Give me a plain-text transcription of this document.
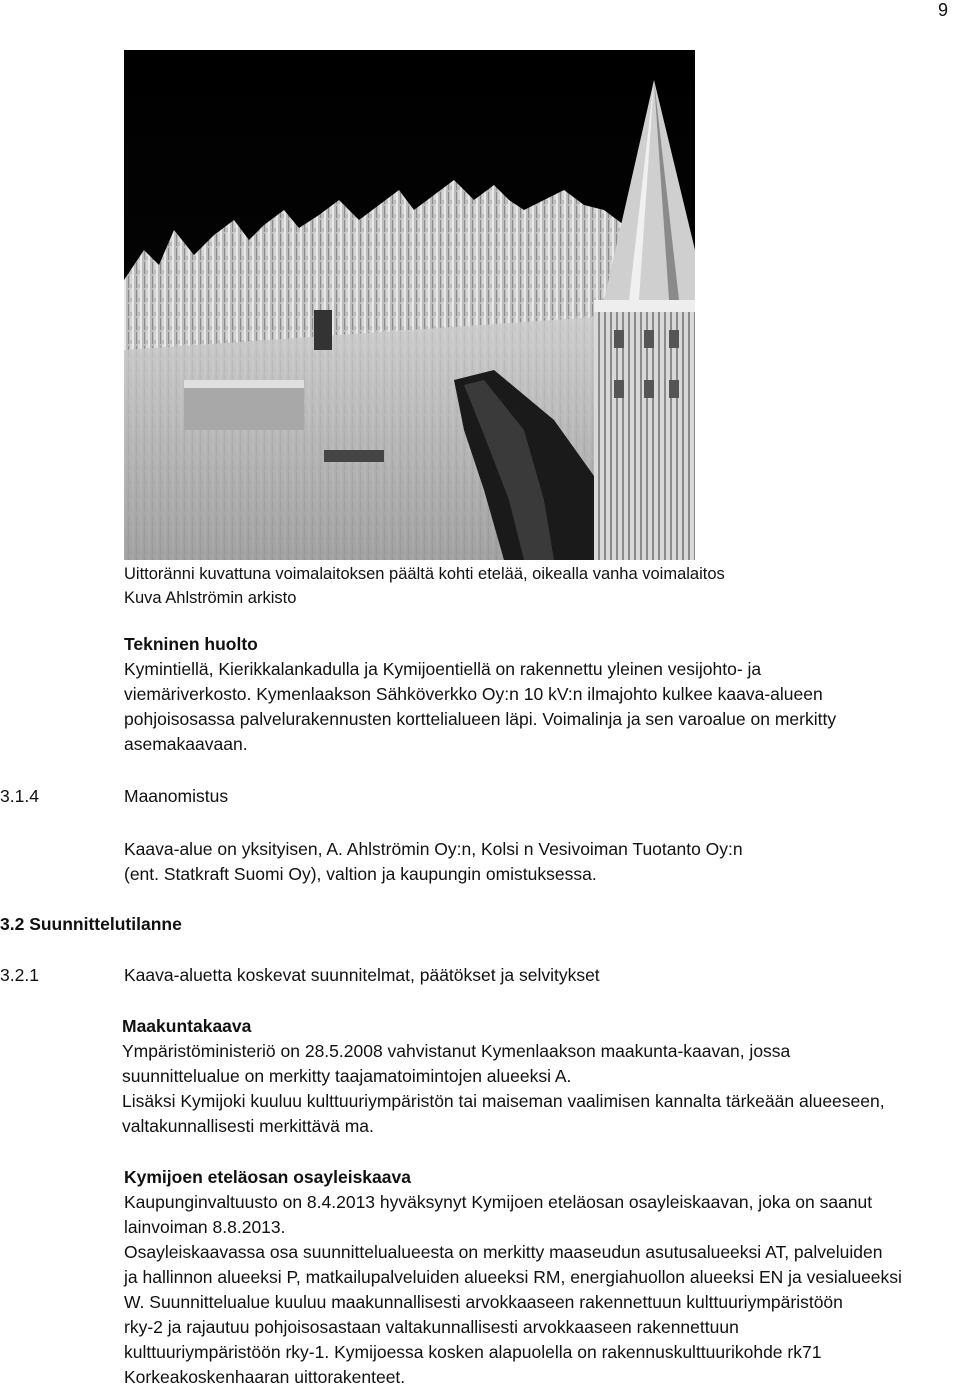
9
Uittoränni kuvattuna voimalaitoksen päältä kohti etelää, oikealla vanha voimalaitos
Kuva Ahlströmin arkisto
Tekninen huolto
Kymintiellä, Kierikkalankadulla ja Kymijoentiellä on rakennettu yleinen vesijohto- ja
viemäriverkosto. Kymenlaakson Sähköverkko Oy:n 10 kV:n ilmajohto kulkee kaava-alueen
pohjoisosassa palvelurakennusten korttelialueen läpi. Voimalinja ja sen varoalue on merkitty
asemakaavaan.
3.1.4	Maanomistus
Kaava-alue on yksityisen, A. Ahlströmin Oy:n, Kolsi n Vesivoiman Tuotanto Oy:n
(ent. Statkraft Suomi Oy), valtion ja kaupungin omistuksessa.
3.2 Suunnittelutilanne
3.2.1	Kaava-aluetta koskevat suunnitelmat, päätökset ja selvitykset
Maakuntakaava
Ympäristöministeriö on 28.5.2008 vahvistanut Kymenlaakson maakunta-kaavan, jossa
suunnittelualue on merkitty taajamatoimintojen alueeksi A.
Lisäksi Kymijoki kuuluu kulttuuriympäristön tai maiseman vaalimisen kannalta tärkeään alueeseen,
valtakunnallisesti merkittävä ma.
Kymijoen eteläosan osayleiskaava
Kaupunginvaltuusto on 8.4.2013 hyväksynyt Kymijoen eteläosan osayleiskaavan, joka on saanut
lainvoiman 8.8.2013.
Osayleiskaavassa osa suunnittelualueesta on merkitty maaseudun asutusalueeksi AT, palveluiden
ja hallinnon alueeksi P, matkailupalveluiden alueeksi RM, energiahuollon alueeksi EN ja vesialueeksi
W. Suunnittelualue kuuluu maakunnallisesti arvokkaaseen rakennettuun kulttuuriympäristöön
rky-2 ja rajautuu pohjoisosastaan valtakunnallisesti arvokkaaseen rakennettuun
kulttuuriympäristöön rky-1. Kymijoessa kosken alapuolella on rakennuskulttuurikohde rk71
Korkeakoskenhaaran uittorakenteet.
